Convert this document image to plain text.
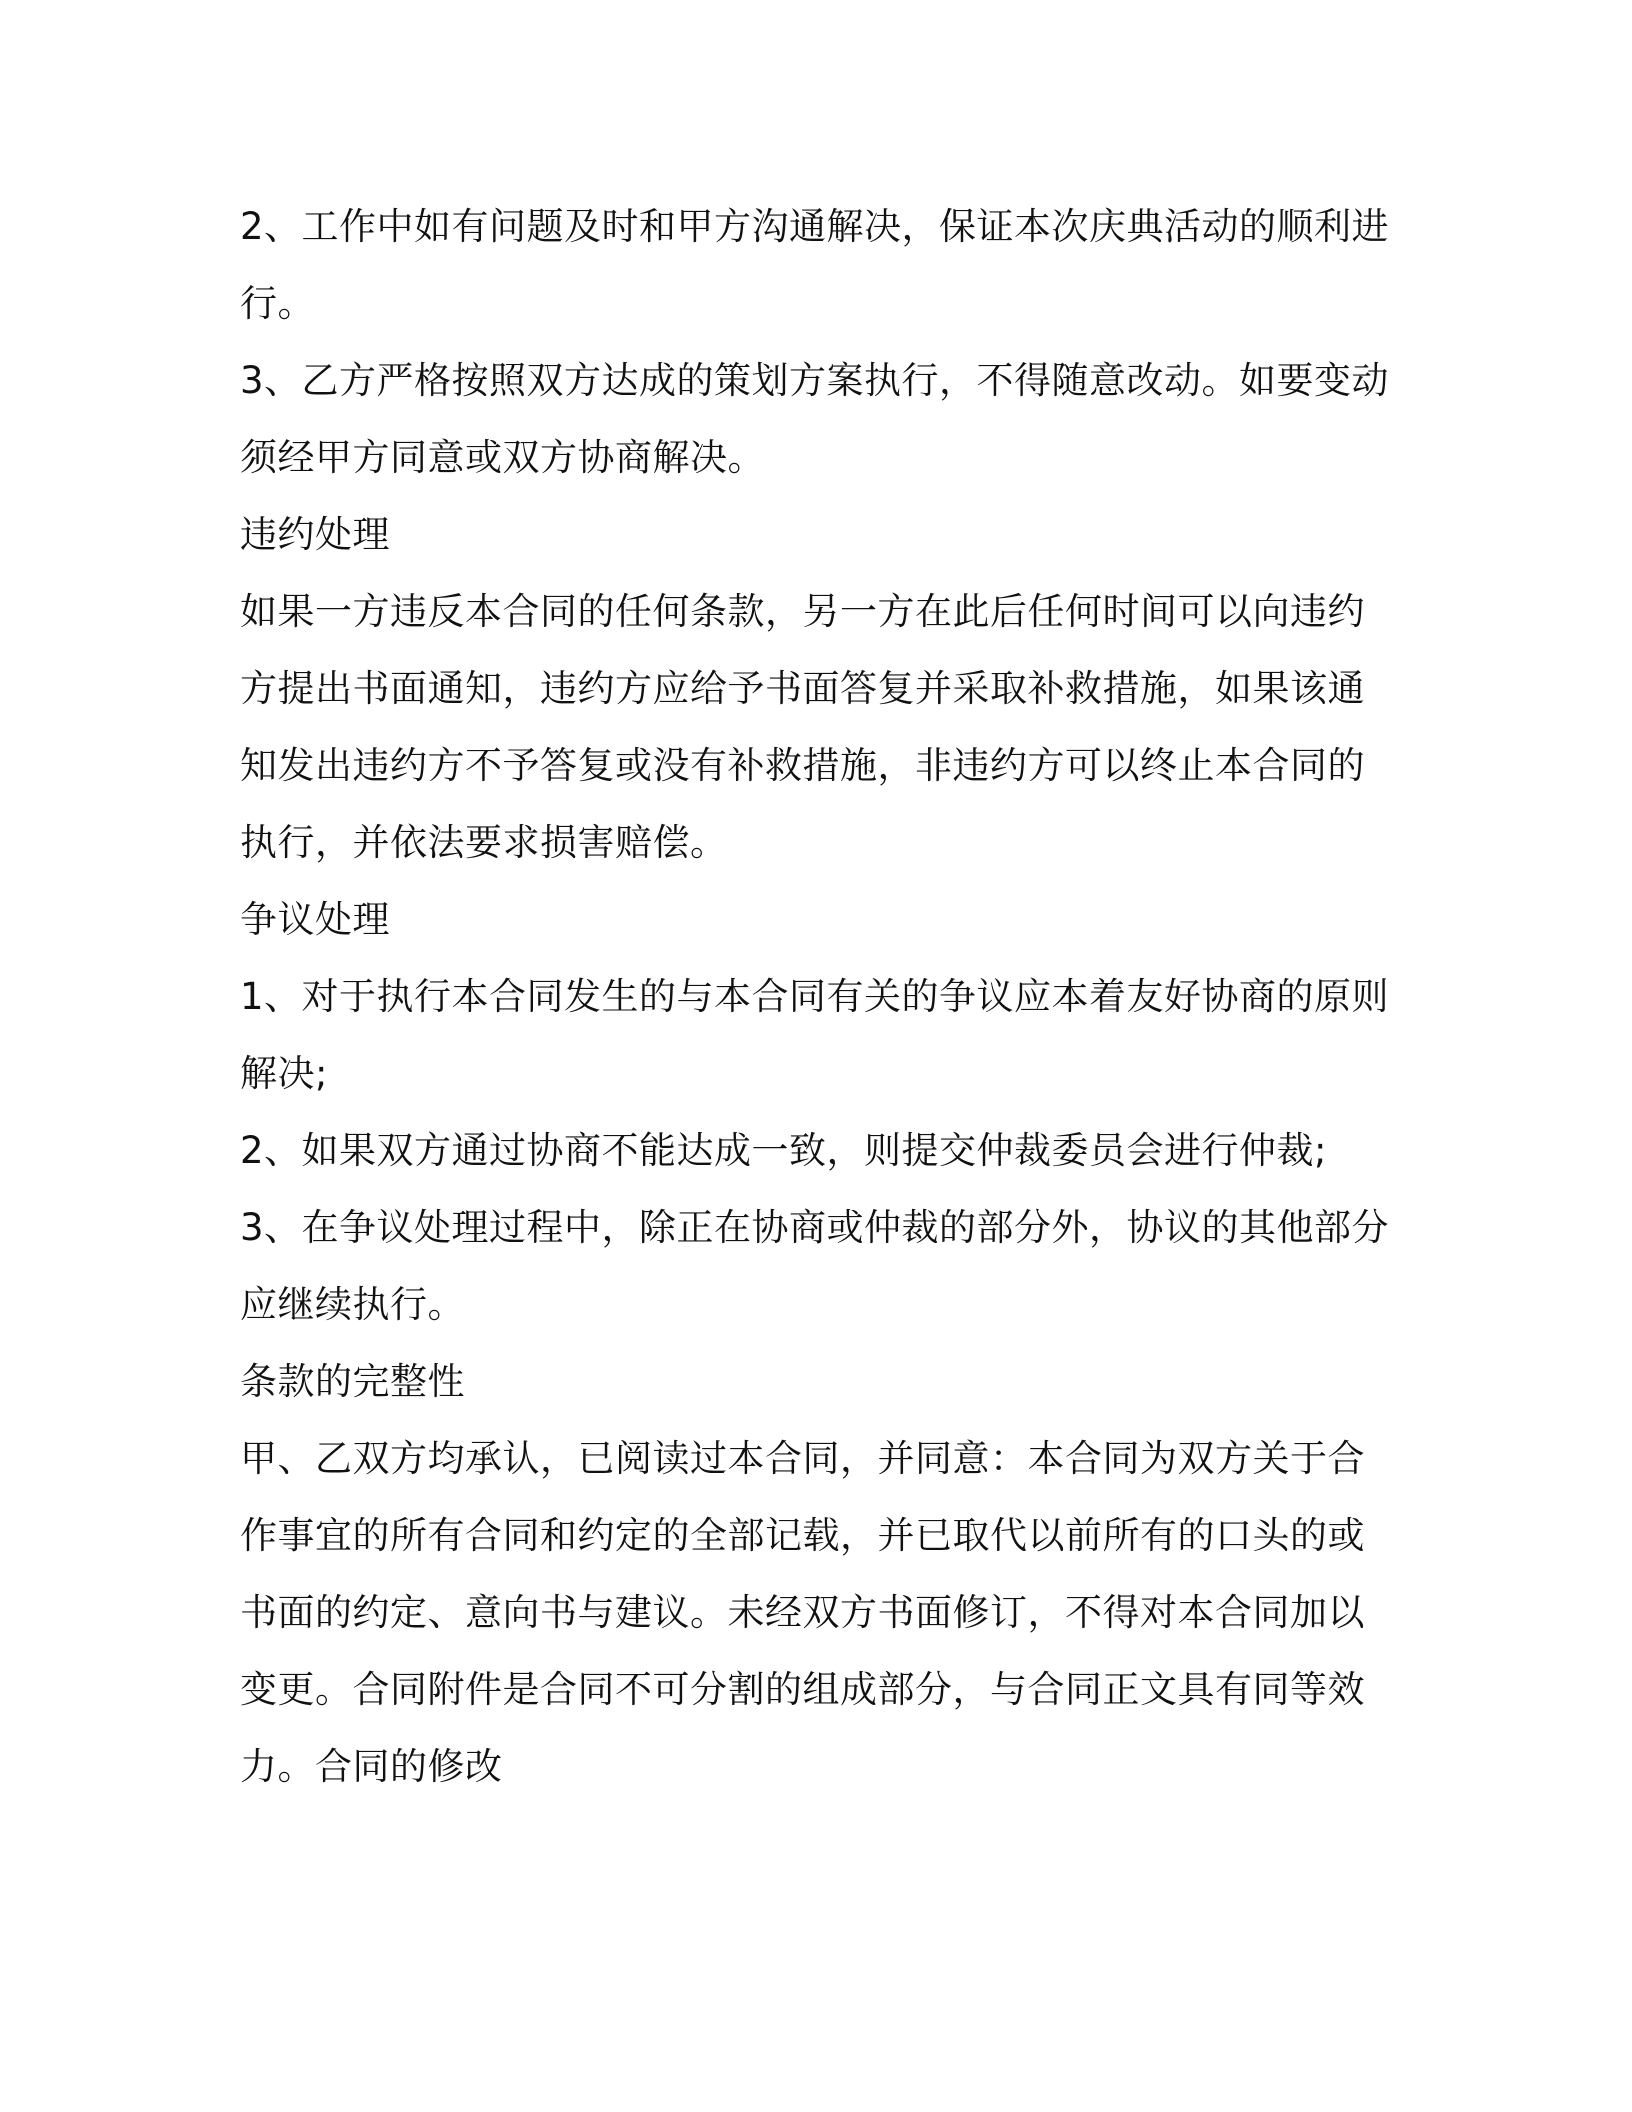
2、工作中如有问题及时和甲方沟通解决，保证本次庆典活动的顺利进行。

3、乙方严格按照双方达成的策划方案执行，不得随意改动。如要变动须经甲方同意或双方协商解决。

违约处理

如果一方违反本合同的任何条款，另一方在此后任何时间可以向违约方提出书面通知，违约方应给予书面答复并采取补救措施，如果该通知发出违约方不予答复或没有补救措施，非违约方可以终止本合同的执行，并依法要求损害赔偿。

争议处理

1、对于执行本合同发生的与本合同有关的争议应本着友好协商的原则解决;

2、如果双方通过协商不能达成一致，则提交仲裁委员会进行仲裁;

3、在争议处理过程中，除正在协商或仲裁的部分外，协议的其他部分应继续执行。

条款的完整性

甲、乙双方均承认，已阅读过本合同，并同意：本合同为双方关于合作事宜的所有合同和约定的全部记载，并已取代以前所有的口头的或书面的约定、意向书与建议。未经双方书面修订，不得对本合同加以变更。合同附件是合同不可分割的组成部分，与合同正文具有同等效力。合同的修改
